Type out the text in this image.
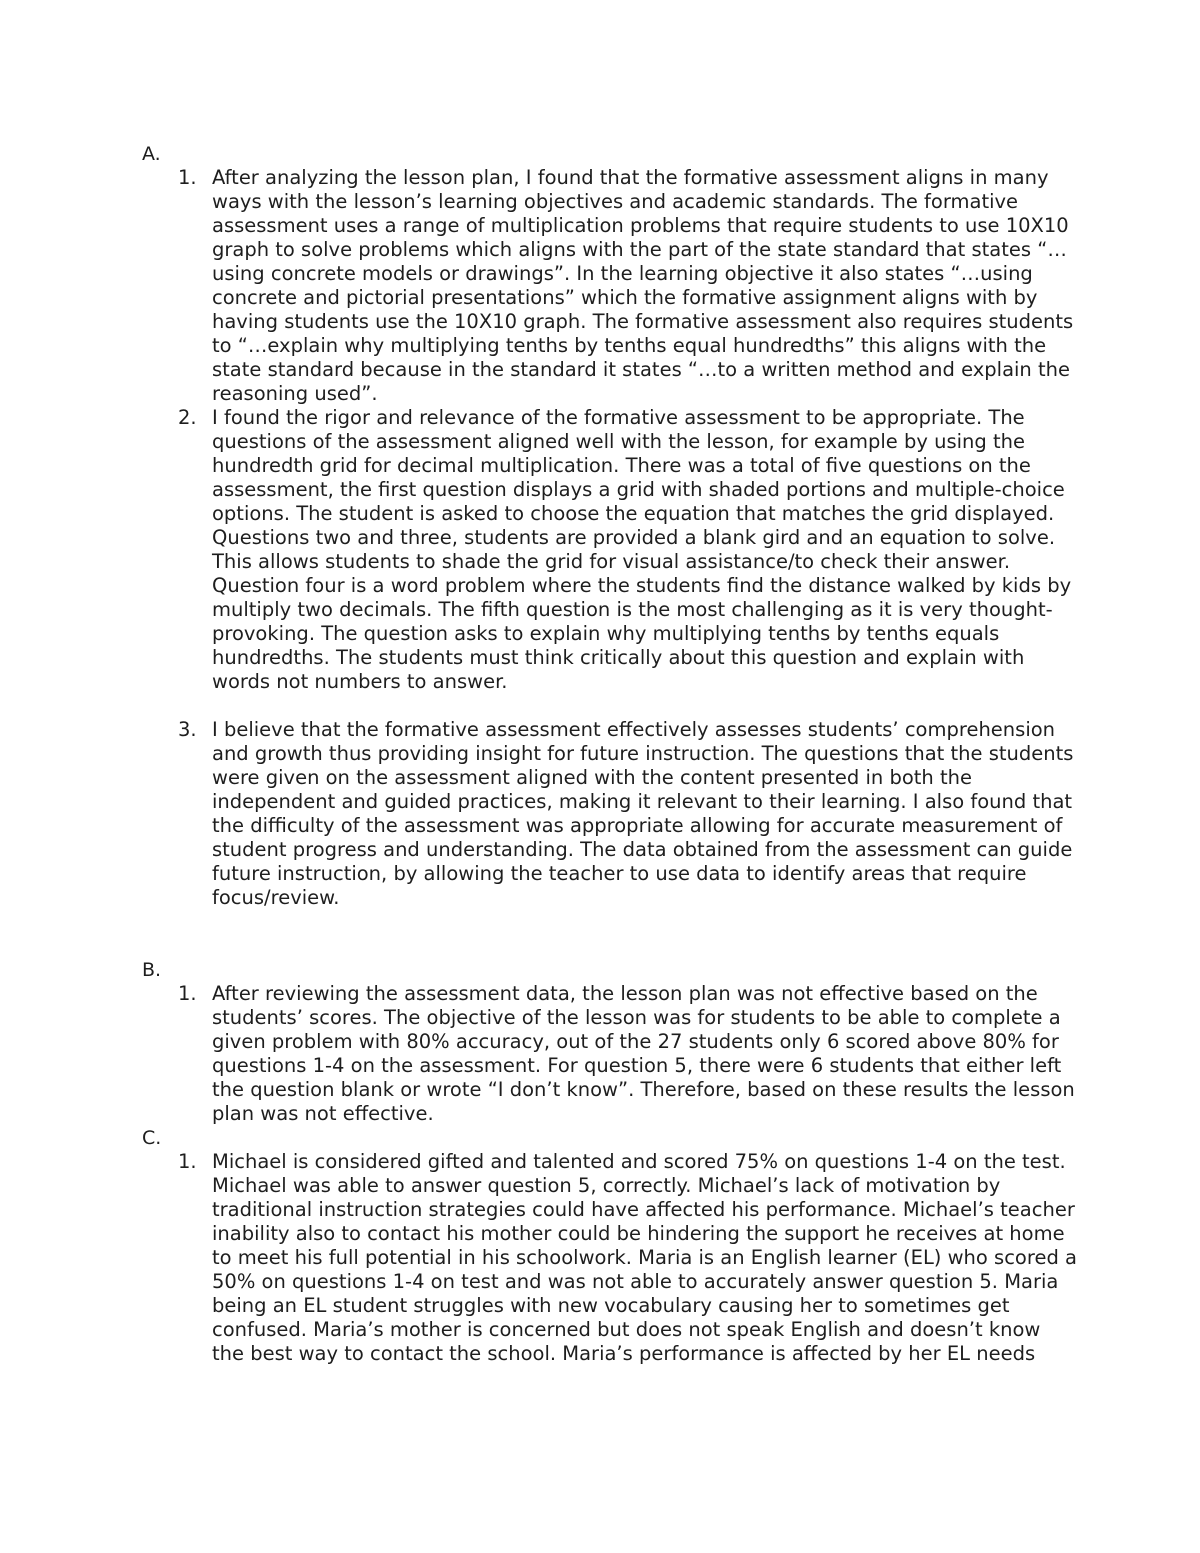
A.

1. After analyzing the lesson plan, I found that the formative assessment aligns in many ways with the lesson’s learning objectives and academic standards. The formative assessment uses a range of multiplication problems that require students to use 10X10 graph to solve problems which aligns with the part of the state standard that states “…using concrete models or drawings”. In the learning objective it also states “…using concrete and pictorial presentations” which the formative assignment aligns with by having students use the 10X10 graph. The formative assessment also requires students to “…explain why multiplying tenths by tenths equal hundredths” this aligns with the state standard because in the standard it states “…to a written method and explain the reasoning used”.
2. I found the rigor and relevance of the formative assessment to be appropriate. The questions of the assessment aligned well with the lesson, for example by using the hundredth grid for decimal multiplication. There was a total of five questions on the assessment, the first question displays a grid with shaded portions and multiple-choice options. The student is asked to choose the equation that matches the grid displayed. Questions two and three, students are provided a blank gird and an equation to solve. This allows students to shade the grid for visual assistance/to check their answer. Question four is a word problem where the students find the distance walked by kids by multiply two decimals. The fifth question is the most challenging as it is very thought-provoking. The question asks to explain why multiplying tenths by tenths equals hundredths. The students must think critically about this question and explain with words not numbers to answer.
3. I believe that the formative assessment effectively assesses students’ comprehension and growth thus providing insight for future instruction. The questions that the students were given on the assessment aligned with the content presented in both the independent and guided practices, making it relevant to their learning. I also found that the difficulty of the assessment was appropriate allowing for accurate measurement of student progress and understanding. The data obtained from the assessment can guide future instruction, by allowing the teacher to use data to identify areas that require focus/review.

B.

1. After reviewing the assessment data, the lesson plan was not effective based on the students’ scores. The objective of the lesson was for students to be able to complete a given problem with 80% accuracy, out of the 27 students only 6 scored above 80% for questions 1-4 on the assessment. For question 5, there were 6 students that either left the question blank or wrote “I don’t know”. Therefore, based on these results the lesson plan was not effective.

C.

1. Michael is considered gifted and talented and scored 75% on questions 1-4 on the test. Michael was able to answer question 5, correctly. Michael’s lack of motivation by traditional instruction strategies could have affected his performance. Michael’s teacher inability also to contact his mother could be hindering the support he receives at home to meet his full potential in his schoolwork. Maria is an English learner (EL) who scored a 50% on questions 1-4 on test and was not able to accurately answer question 5. Maria being an EL student struggles with new vocabulary causing her to sometimes get confused. Maria’s mother is concerned but does not speak English and doesn’t know the best way to contact the school. Maria’s performance is affected by her EL needs
